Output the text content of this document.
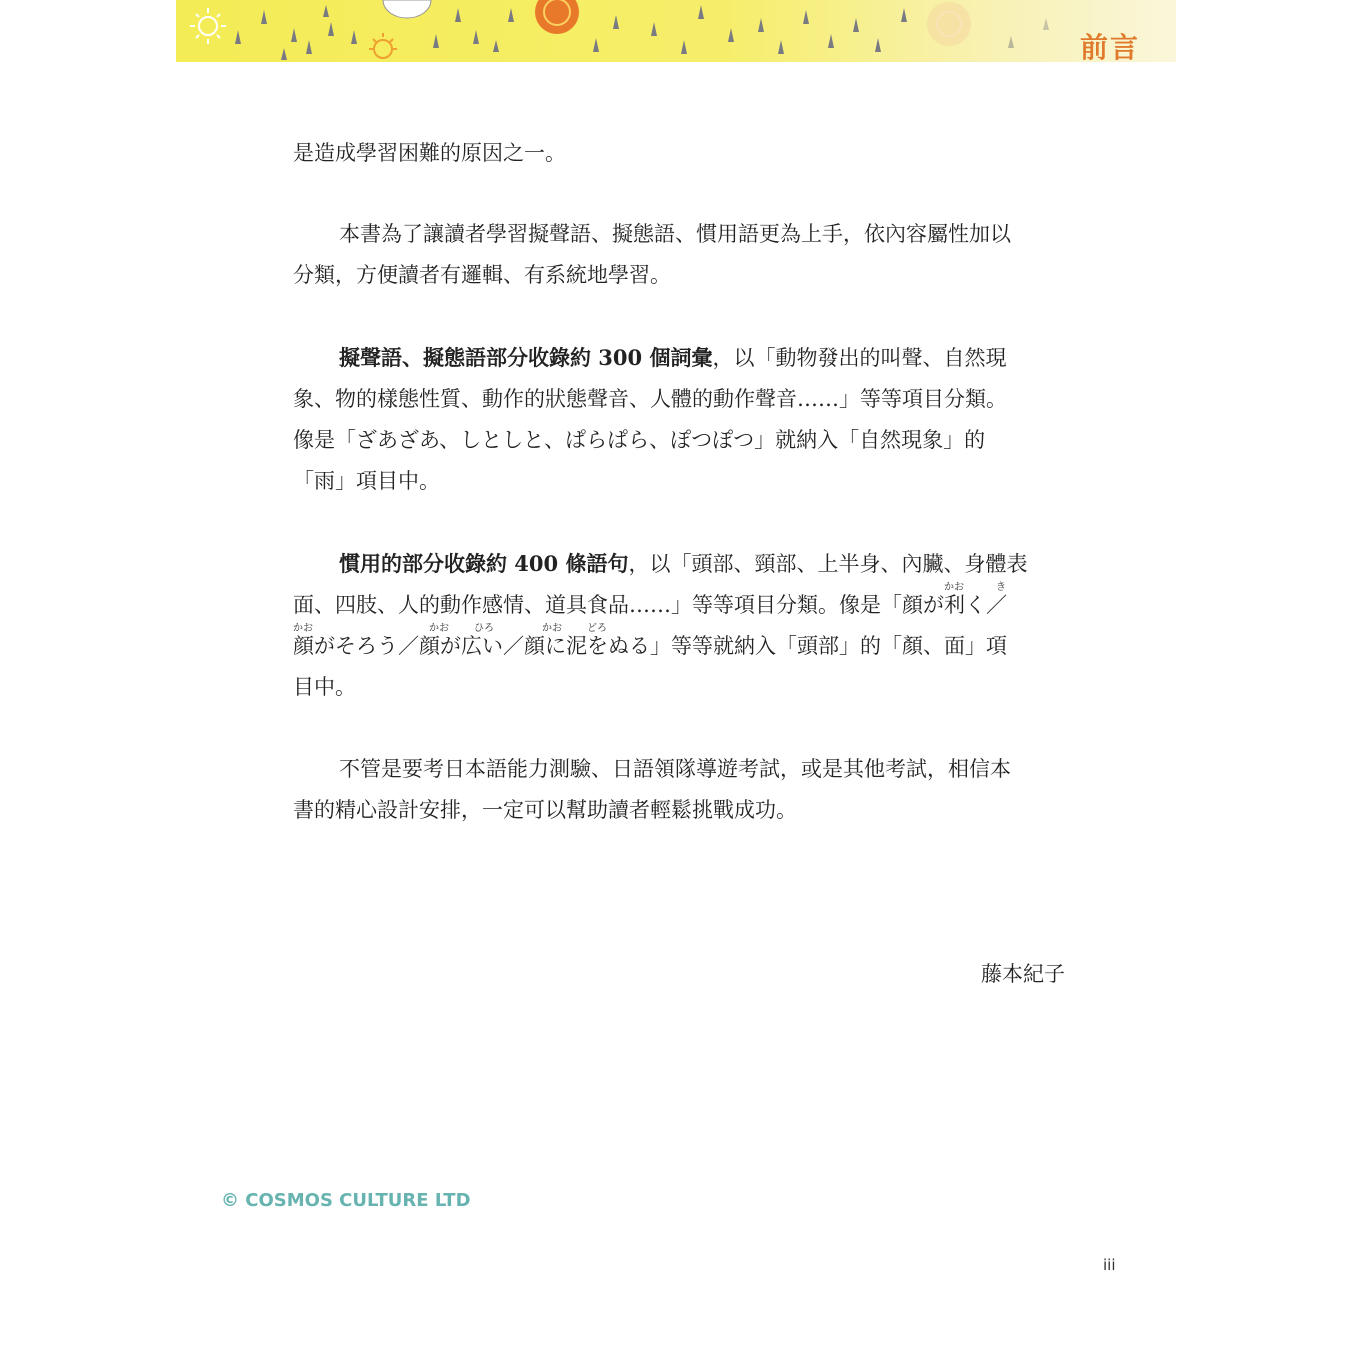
前言

是造成學習困難的原因之一。

本書為了讓讀者學習擬聲語、擬態語、慣用語更為上手，依內容屬性加以

分類，方便讀者有邏輯、有系統地學習。

擬聲語、擬態語部分收錄約 300 個詞彙，以「動物發出的叫聲、自然現

象、物的樣態性質、動作的狀態聲音、人體的動作聲音……」等等項目分類。

像是「ざあざあ、しとしと、ぱらぱら、ぽつぽつ」就納入「自然現象」的

「雨」項目中。

慣用的部分收錄約 400 條語句，以「頭部、頸部、上半身、內臟、身體表

面、四肢、人的動作感情、道具食品……」等等項目分類。像是「顔が利く／
かお	き

顔がそろう／顔が広い／顔に泥をぬる」等等就納入「頭部」的「顏、面」項
かお	かお	ひろ	かお	どろ

目中。

不管是要考日本語能力測驗、日語領隊導遊考試，或是其他考試，相信本

書的精心設計安排，一定可以幫助讀者輕鬆挑戰成功。

藤本紀子
© COSMOS CULTURE LTD
iii
